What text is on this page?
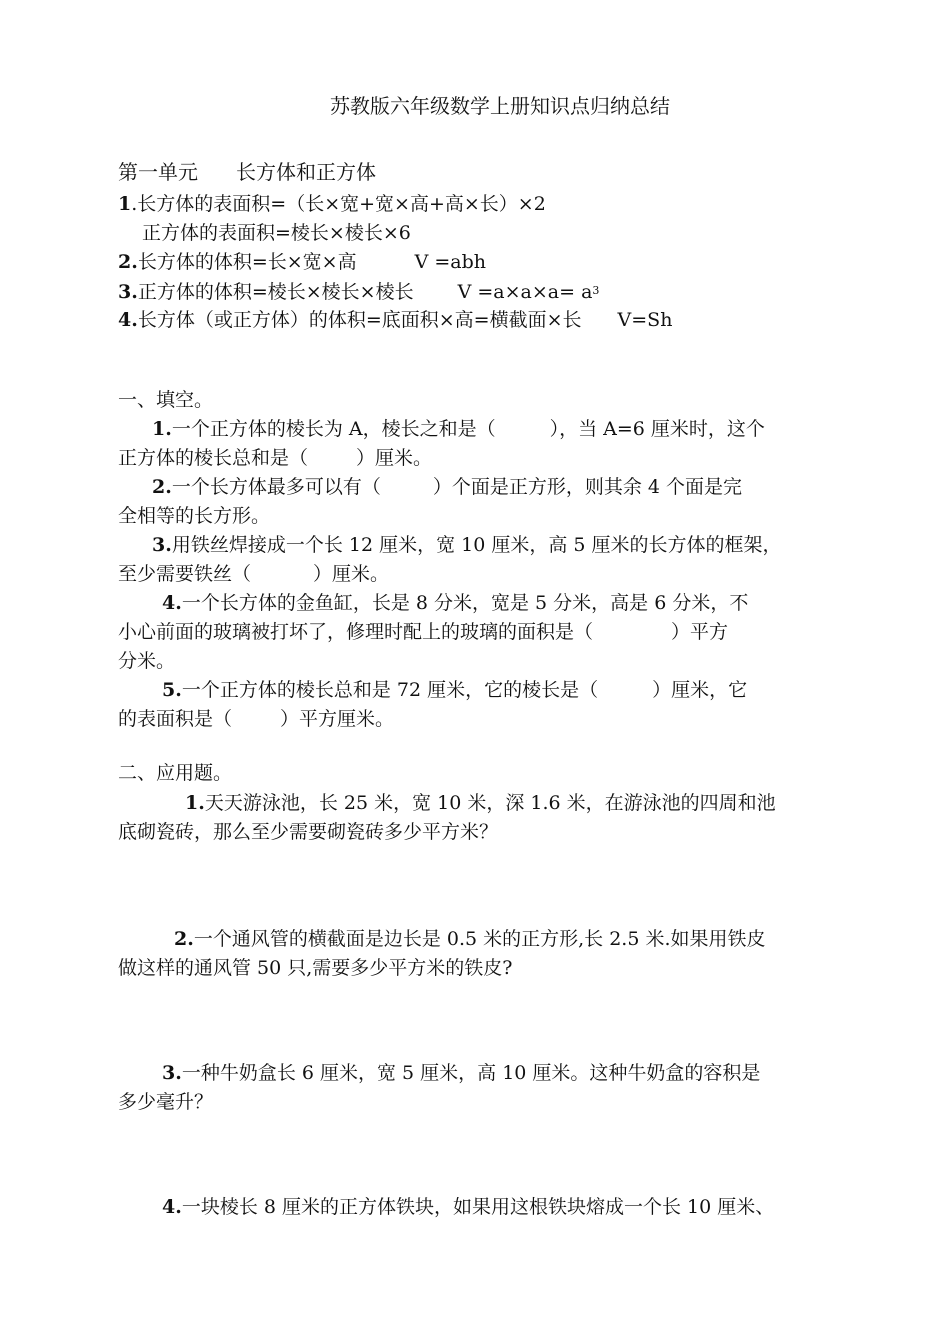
苏教版六年级数学上册知识点归纳总结
第一单元 长方体和正方体
1.长方体的表面积=（长×宽+宽×高+高×长）×2
正方体的表面积=棱长×棱长×6
2.长方体的体积=长×宽×高	V =abh
3.正方体的体积=棱长×棱长×棱长 $V =a\times a\times a= a^3$
4.长方体（或正方体）的体积=底面积×高=横截面×长 V=Sh
一、填空。
1.一个正方体的棱长为 A，棱长之和是（	），当 A=6 厘米时，这个
正方体的棱长总和是（	）厘米。
2.一个长方体最多可以有（	）个面是正方形，则其余 4 个面是完
全相等的长方形。
3.用铁丝焊接成一个长 12 厘米，宽 10 厘米，高 5 厘米的长方体的框架，
至少需要铁丝（	）厘米。
4.一个长方体的金鱼缸，长是 8 分米，宽是 5 分米，高是 6 分米，不
小心前面的玻璃被打坏了，修理时配上的玻璃的面积是（	）平方
分米。
5.一个正方体的棱长总和是 72 厘米，它的棱长是（	）厘米，它
的表面积是（	）平方厘米。
二、应用题。
1.天天游泳池，长 25 米，宽 10 米，深 1.6 米，在游泳池的四周和池
底砌瓷砖，那么至少需要砌瓷砖多少平方米？
2.一个通风管的横截面是边长是 0.5 米的正方形,长 2.5 米.如果用铁皮
做这样的通风管 50 只,需要多少平方米的铁皮?
3.一种牛奶盒长 6 厘米，宽 5 厘米，高 10 厘米。这种牛奶盒的容积是
多少毫升？
4.一块棱长 8 厘米的正方体铁块，如果用这根铁块熔成一个长 10 厘米、
